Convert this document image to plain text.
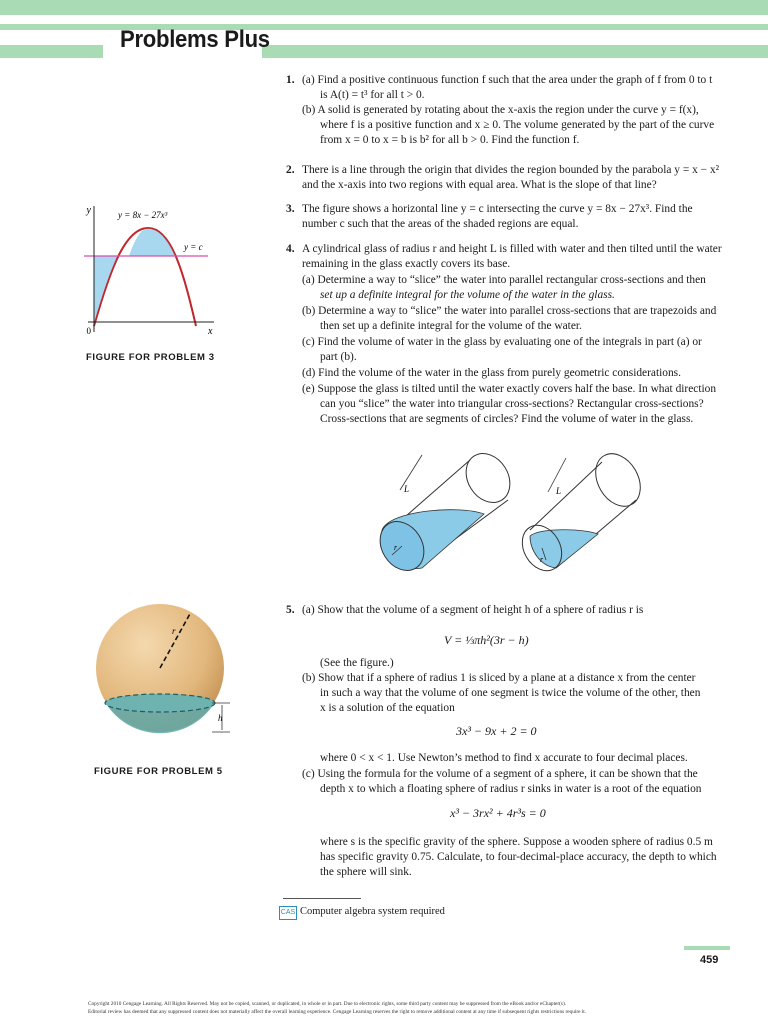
Problems Plus
1. (a) Find a positive continuous function f such that the area under the graph of f from 0 to t
is A(t) = t³ for all t > 0.
(b) A solid is generated by rotating about the x-axis the region under the curve y = f(x),
where f is a positive function and x ≥ 0. The volume generated by the part of the curve
from x = 0 to x = b is b² for all b > 0. Find the function f.
2. There is a line through the origin that divides the region bounded by the parabola y = x − x²
and the x-axis into two regions with equal area. What is the slope of that line?
3. The figure shows a horizontal line y = c intersecting the curve y = 8x − 27x³. Find the
number c such that the areas of the shaded regions are equal.
y
x
0
y = 8x − 27x³
y = c
FIGURE FOR PROBLEM 3
4. A cylindrical glass of radius r and height L is filled with water and then tilted until the water
remaining in the glass exactly covers its base.
(a) Determine a way to “slice” the water into parallel rectangular cross-sections and then
set up a definite integral for the volume of the water in the glass.
(b) Determine a way to “slice” the water into parallel cross-sections that are trapezoids and
then set up a definite integral for the volume of the water.
(c) Find the volume of water in the glass by evaluating one of the integrals in part (a) or
part (b).
(d) Find the volume of the water in the glass from purely geometric considerations.
(e) Suppose the glass is tilted until the water exactly covers half the base. In what direction
can you “slice” the water into triangular cross-sections? Rectangular cross-sections?
Cross-sections that are segments of circles? Find the volume of water in the glass.
L
r
L
r
5. (a) Show that the volume of a segment of height h of a sphere of radius r is
V = ⅓πh²(3r − h)
(See the figure.)
(b) Show that if a sphere of radius 1 is sliced by a plane at a distance x from the center
in such a way that the volume of one segment is twice the volume of the other, then
x is a solution of the equation
3x³ − 9x + 2 = 0
where 0 < x < 1. Use Newton’s method to find x accurate to four decimal places.
(c) Using the formula for the volume of a segment of a sphere, it can be shown that the
depth x to which a floating sphere of radius r sinks in water is a root of the equation
x³ − 3rx² + 4r³s = 0
where s is the specific gravity of the sphere. Suppose a wooden sphere of radius 0.5 m
has specific gravity 0.75. Calculate, to four-decimal-place accuracy, the depth to which
the sphere will sink.
r
h
FIGURE FOR PROBLEM 5
CAS Computer algebra system required
459
Copyright 2010 Cengage Learning. All Rights Reserved. May not be copied, scanned, or duplicated, in whole or in part. Due to electronic rights, some third party content may be suppressed from the eBook and/or eChapter(s).
Editorial review has deemed that any suppressed content does not materially affect the overall learning experience. Cengage Learning reserves the right to remove additional content at any time if subsequent rights restrictions require it.
